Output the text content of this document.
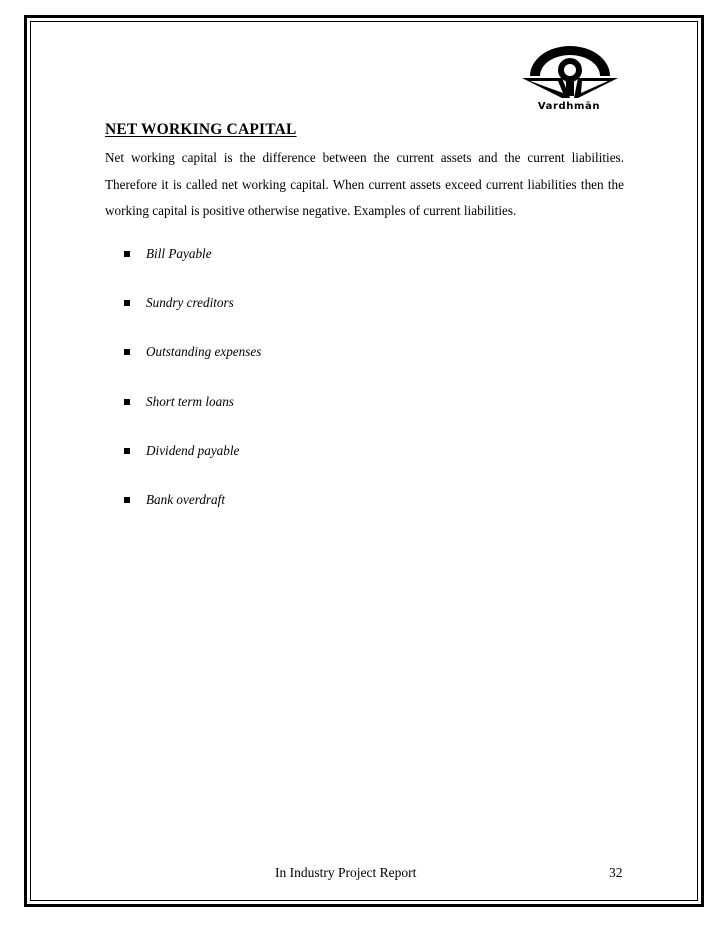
Vardhmān
NET WORKING CAPITAL

Net working capital is the difference between the current assets and the current liabilities. Therefore it is called net working capital. When current assets exceed current liabilities then the working capital is positive otherwise negative. Examples of current liabilities.

Bill Payable
Sundry creditors
Outstanding expenses
Short term loans
Dividend payable
Bank overdraft
In Industry Project Report	32
